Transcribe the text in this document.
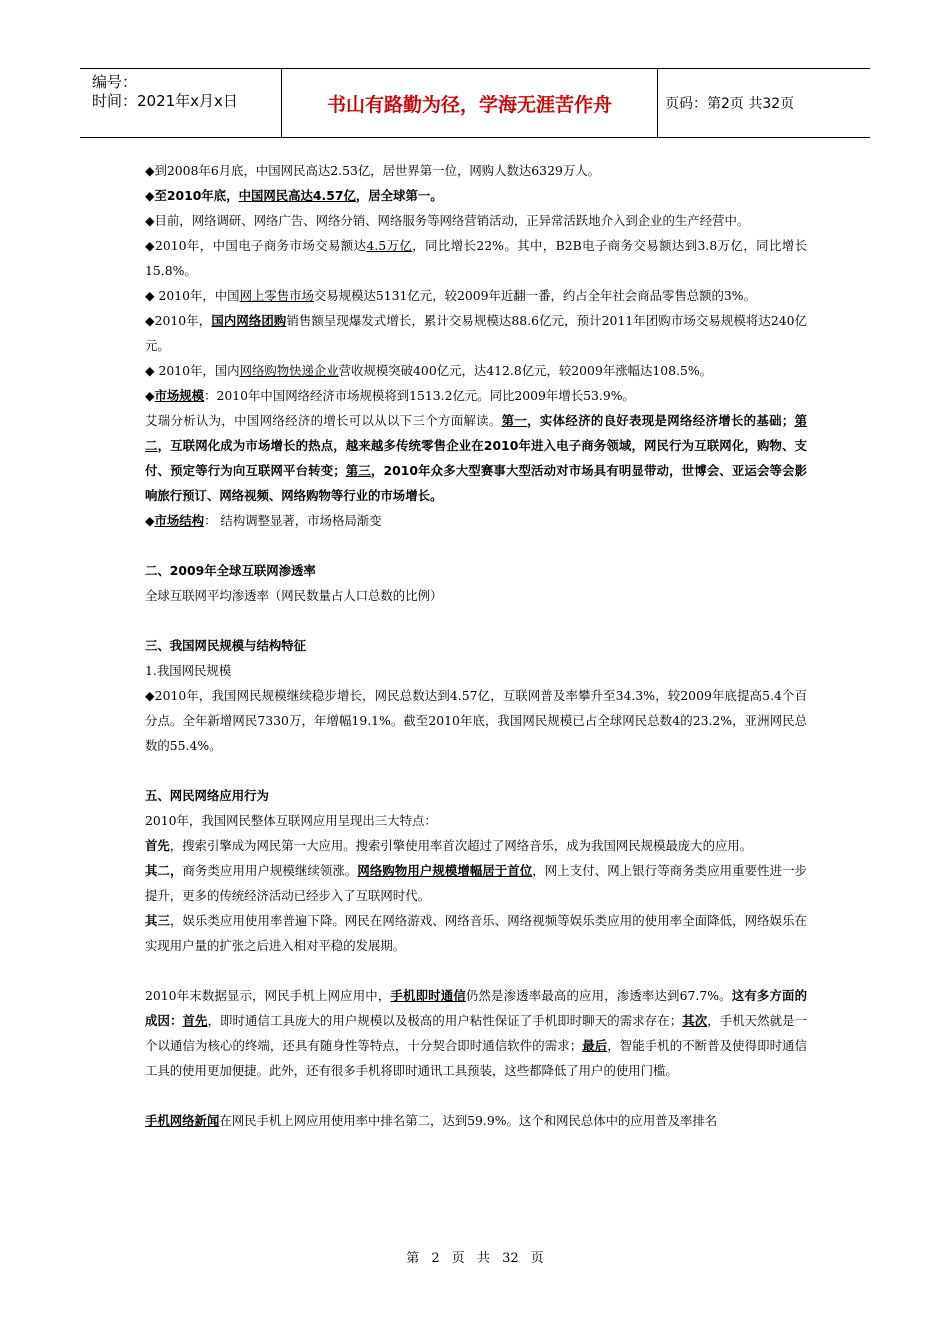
编号：
时间：2021年x月x日	书山有路勤为径，学海无涯苦作舟	页码：第2页 共32页

◆到2008年6月底，中国网民高达2.53亿，居世界第一位，网购人数达6329万人。

◆至2010年底，中国网民高达4.57亿，居全球第一。

◆目前，网络调研、网络广告、网络分销、网络服务等网络营销活动，正异常活跃地介入到企业的生产经营中。

◆2010年，中国电子商务市场交易额达4.5万亿，同比增长22%。其中，B2B电子商务交易额达到3.8万亿，同比增长15.8%。

◆ 2010年，中国网上零售市场交易规模达5131亿元，较2009年近翻一番，约占全年社会商品零售总额的3%。

◆2010年，国内网络团购销售额呈现爆发式增长，累计交易规模达88.6亿元，预计2011年团购市场交易规模将达240亿元。

◆ 2010年，国内网络购物快递企业营收规模突破400亿元，达412.8亿元，较2009年涨幅达108.5%。

◆市场规模：2010年中国网络经济市场规模将到1513.2亿元。同比2009年增长53.9%。

艾瑞分析认为，中国网络经济的增长可以从以下三个方面解读。第一，实体经济的良好表现是网络经济增长的基础；第二，互联网化成为市场增长的热点，越来越多传统零售企业在2010年进入电子商务领域，网民行为互联网化，购物、支付、预定等行为向互联网平台转变；第三，2010年众多大型赛事大型活动对市场具有明显带动，世博会、亚运会等会影响旅行预订、网络视频、网络购物等行业的市场增长。

◆市场结构： 结构调整显著，市场格局渐变

二、2009年全球互联网渗透率

全球互联网平均渗透率（网民数量占人口总数的比例）

三、我国网民规模与结构特征

1.我国网民规模

◆2010年，我国网民规模继续稳步增长，网民总数达到4.57亿，互联网普及率攀升至34.3%，较2009年底提高5.4个百分点。全年新增网民7330万，年增幅19.1%。截至2010年底，我国网民规模已占全球网民总数4的23.2%，亚洲网民总数的55.4%。

五、网民网络应用行为

2010年，我国网民整体互联网应用呈现出三大特点：

首先，搜索引擎成为网民第一大应用。搜索引擎使用率首次超过了网络音乐，成为我国网民规模最庞大的应用。

其二，商务类应用用户规模继续领涨。网络购物用户规模增幅居于首位，网上支付、网上银行等商务类应用重要性进一步提升，更多的传统经济活动已经步入了互联网时代。

其三，娱乐类应用使用率普遍下降。网民在网络游戏、网络音乐、网络视频等娱乐类应用的使用率全面降低，网络娱乐在实现用户量的扩张之后进入相对平稳的发展期。

2010年末数据显示，网民手机上网应用中，手机即时通信仍然是渗透率最高的应用，渗透率达到67.7%。这有多方面的成因：首先，即时通信工具庞大的用户规模以及极高的用户粘性保证了手机即时聊天的需求存在；其次，手机天然就是一个以通信为核心的终端，还具有随身性等特点，十分契合即时通信软件的需求；最后，智能手机的不断普及使得即时通信工具的使用更加便捷。此外，还有很多手机将即时通讯工具预装，这些都降低了用户的使用门槛。

手机网络新闻在网民手机上网应用使用率中排名第二，达到59.9%。这个和网民总体中的应用普及率排名

第 2 页 共 32 页
